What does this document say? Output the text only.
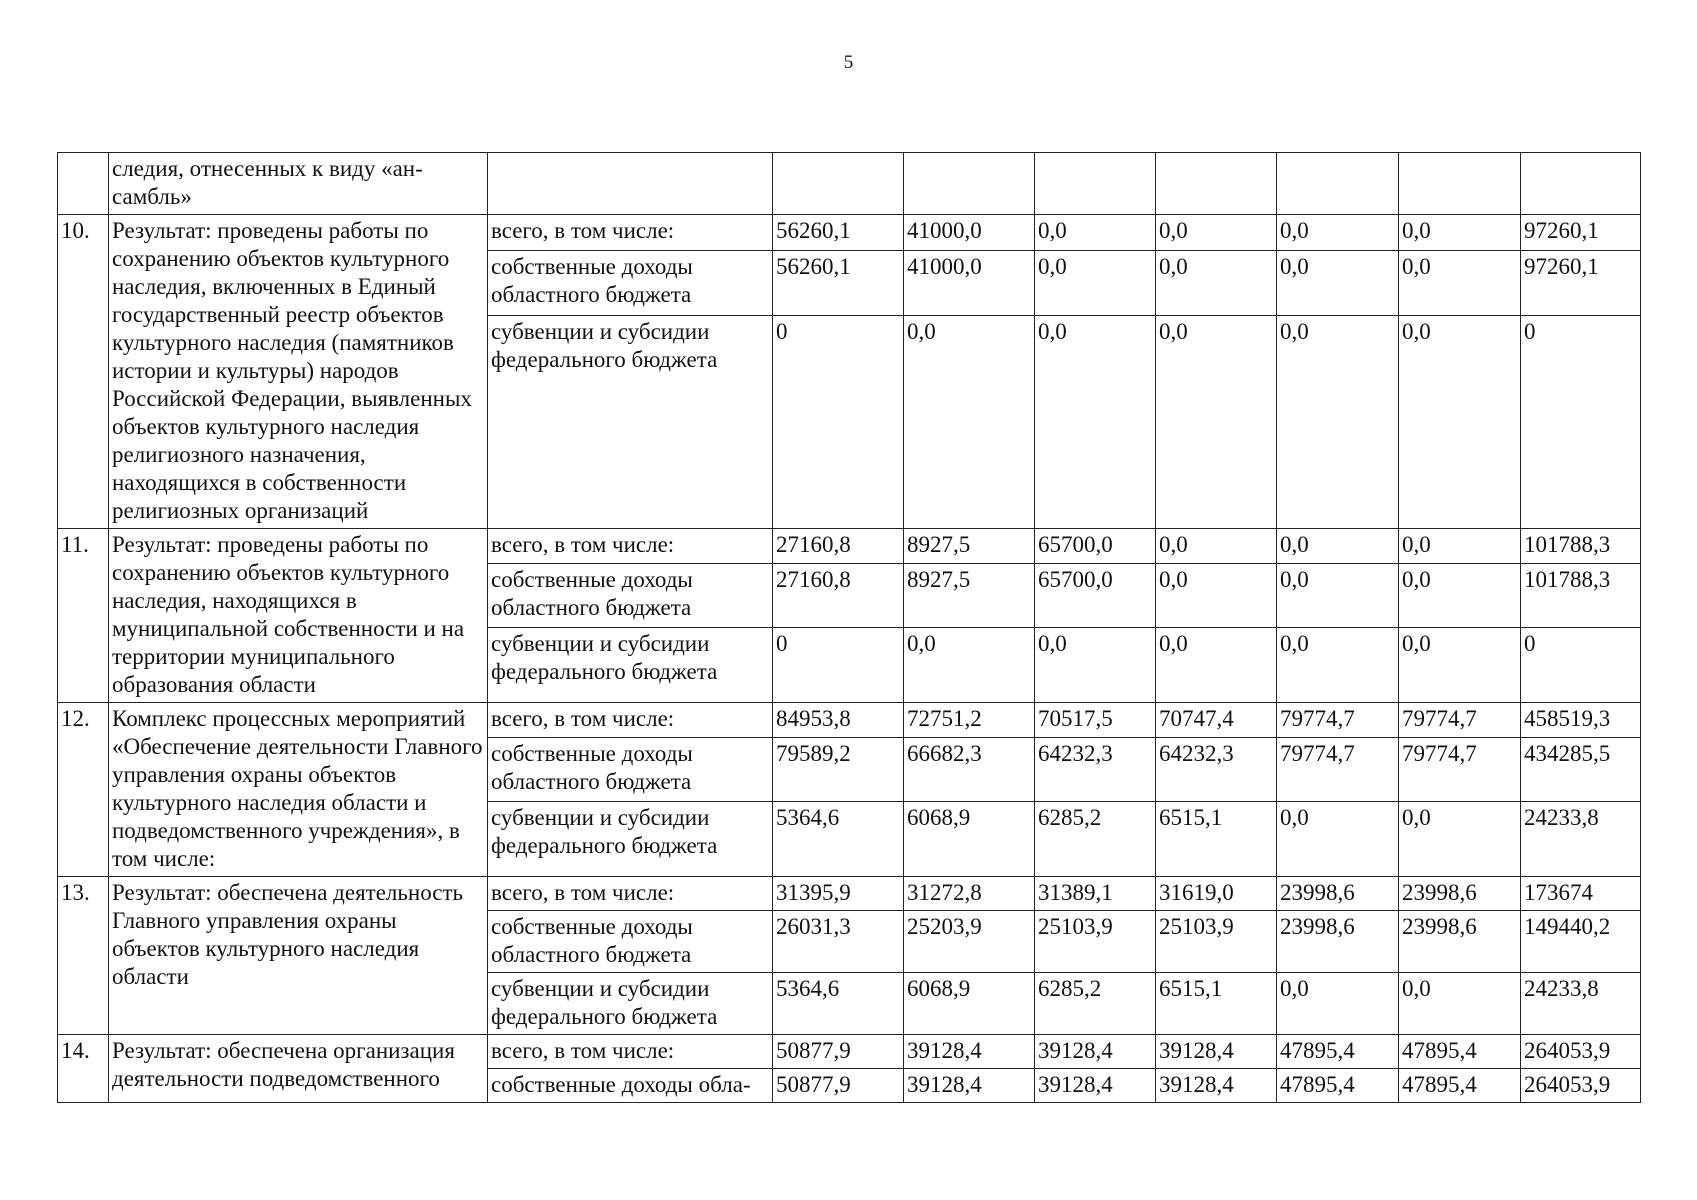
5
	следия, отнесенных к виду «ан- самбль»								
10.	Результат: проведены работы по сохранению объектов культурного наследия, включенных в Единый государственный реестр объектов культурного наследия (памятников истории и культуры) народов Российской Федерации, выявленных объектов культурного наследия религиозного назначения, находящихся в собственности религиозных организаций	всего, в том числе:	56260,1	41000,0	0,0	0,0	0,0	0,0	97260,1
		собственные доходы областного бюджета	56260,1	41000,0	0,0	0,0	0,0	0,0	97260,1
		субвенции и субсидии федерального бюджета	0	0,0	0,0	0,0	0,0	0,0	0
11.	Результат: проведены работы по сохранению объектов культурного наследия, находящихся в муниципальной собственности и на территории муниципального образования области	всего, в том числе:	27160,8	8927,5	65700,0	0,0	0,0	0,0	101788,3
		собственные доходы областного бюджета	27160,8	8927,5	65700,0	0,0	0,0	0,0	101788,3
		субвенции и субсидии федерального бюджета	0	0,0	0,0	0,0	0,0	0,0	0
12.	Комплекс процессных мероприятий «Обеспечение деятельности Главного управления охраны объектов культурного наследия области и подведомственного учреждения», в том числе:	всего, в том числе:	84953,8	72751,2	70517,5	70747,4	79774,7	79774,7	458519,3
		собственные доходы областного бюджета	79589,2	66682,3	64232,3	64232,3	79774,7	79774,7	434285,5
		субвенции и субсидии федерального бюджета	5364,6	6068,9	6285,2	6515,1	0,0	0,0	24233,8
13.	Результат: обеспечена деятельность Главного управления охраны объектов культурного наследия области	всего, в том числе:	31395,9	31272,8	31389,1	31619,0	23998,6	23998,6	173674
		собственные доходы областного бюджета	26031,3	25203,9	25103,9	25103,9	23998,6	23998,6	149440,2
		субвенции и субсидии федерального бюджета	5364,6	6068,9	6285,2	6515,1	0,0	0,0	24233,8
14.	Результат: обеспечена организация деятельности подведомственного	всего, в том числе:	50877,9	39128,4	39128,4	39128,4	47895,4	47895,4	264053,9
		собственные доходы обла-	50877,9	39128,4	39128,4	39128,4	47895,4	47895,4	264053,9
